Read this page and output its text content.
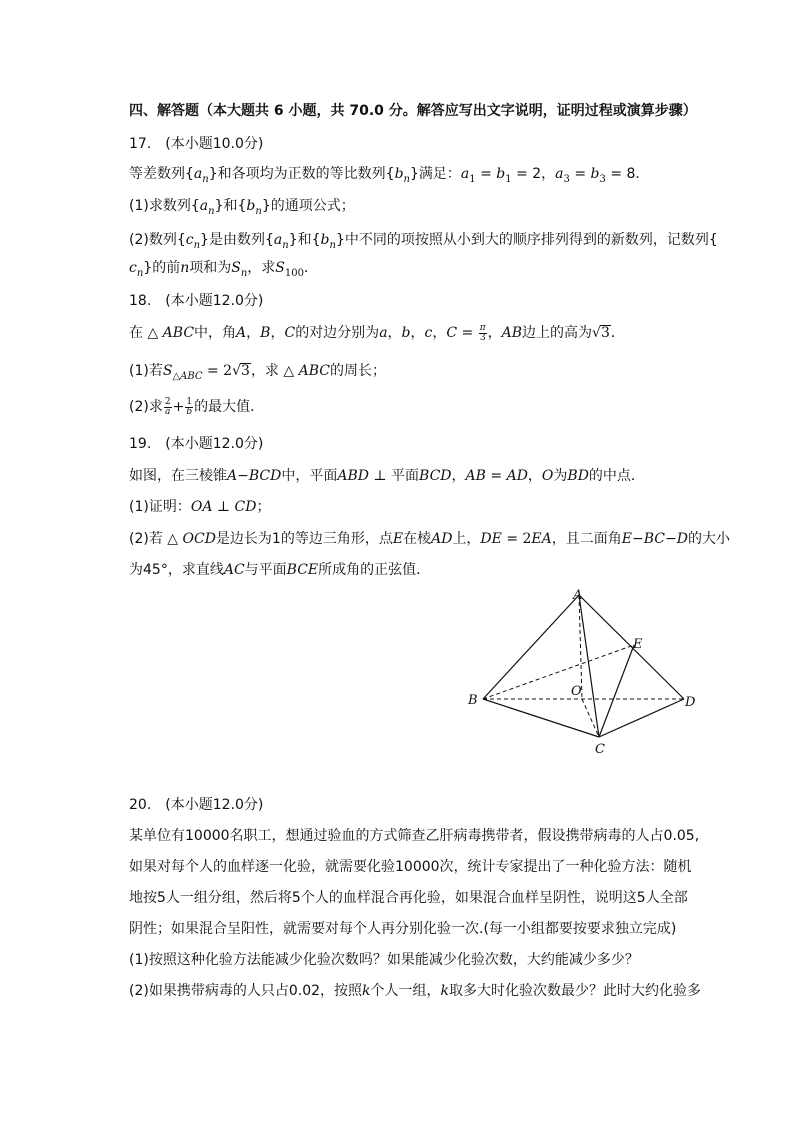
四、解答题（本大题共 6 小题，共 70.0 分。解答应写出文字说明，证明过程或演算步骤）
17.　(本小题10.0分)
等差数列$\{a_n\}$和各项均为正数的等比数列$\{b_n\}$满足：$a_1 = b_1 = 2$，$a_3 = b_3 = 8$．
(1)求数列$\{a_n\}$和$\{b_n\}$的通项公式；
(2)数列$\{c_n\}$是由数列$\{a_n\}$和$\{b_n\}$中不同的项按照从小到大的顺序排列得到的新数列，记数列{
$c_n$}的前n项和为$S_n$，求$S_{100}$．
18.　(本小题12.0分)
在 △ ABC中，角A，B，C的对边分别为a，b，c，$C = \frac{\pi}{3}$ ，AB边上的高为√3．
(1)若$S_{\triangle ABC} = 2√3$，求 △ ABC的周长；
(2)求 $\frac{2}{a} + \frac{1}{b}$ 的最大值．
19.　(本小题12.0分)
如图，在三棱锥A−BCD中，平面ABD ⊥ 平面BCD，AB = AD，O为BD的中点．
(1)证明：OA ⊥ CD；
(2)若 △ OCD是边长为1的等边三角形，点E在棱AD上，DE = 2EA，且二面角E−BC−D的大小
为45°，求直线AC与平面BCE所成角的正弦值．
A
B
C
D
E
O
20.　(本小题12.0分)
某单位有10000名职工，想通过验血的方式筛查乙肝病毒携带者，假设携带病毒的人占0.05,
如果对每个人的血样逐一化验，就需要化验10000次，统计专家提出了一种化验方法：随机
地按5人一组分组，然后将5个人的血样混合再化验，如果混合血样呈阴性，说明这5人全部
阴性；如果混合呈阳性，就需要对每个人再分别化验一次.(每一小组都要按要求独立完成)
(1)按照这种化验方法能减少化验次数吗？如果能减少化验次数，大约能减少多少？
(2)如果携带病毒的人只占0.02，按照k个人一组，k取多大时化验次数最少？此时大约化验多
